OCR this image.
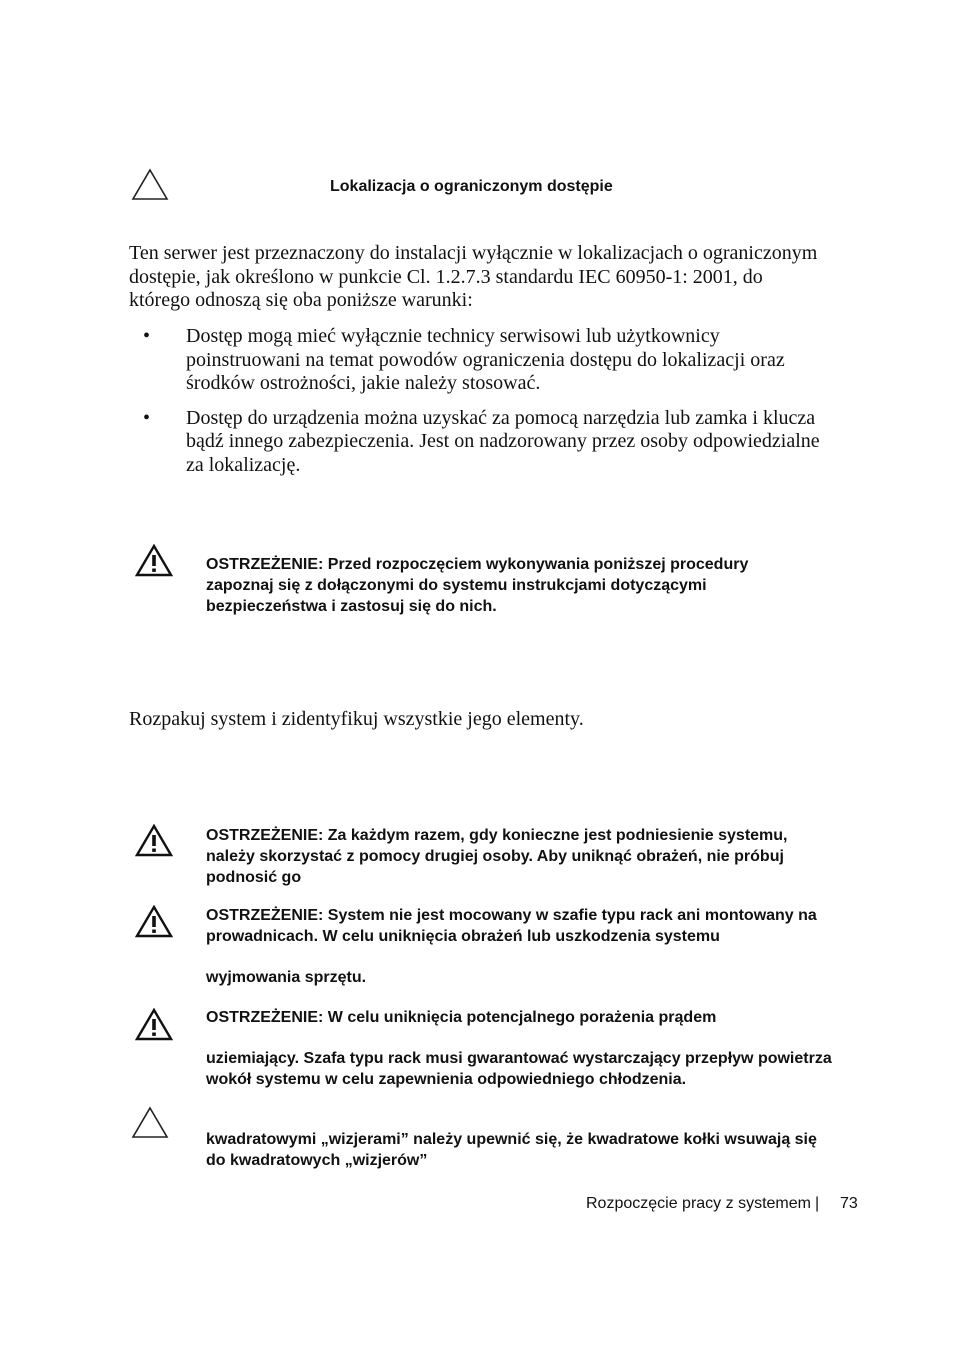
Lokalizacja o ograniczonym dostępie
Ten serwer jest przeznaczony do instalacji wyłącznie w lokalizacjach o ograniczonym dostępie, jak określono w punkcie Cl. 1.2.7.3 standardu IEC 60950-1: 2001, do którego odnoszą się oba poniższe warunki:
• Dostęp mogą mieć wyłącznie technicy serwisowi lub użytkownicy poinstruowani na temat powodów ograniczenia dostępu do lokalizacji oraz środków ostrożności, jakie należy stosować.
• Dostęp do urządzenia można uzyskać za pomocą narzędzia lub zamka i klucza bądź innego zabezpieczenia. Jest on nadzorowany przez osoby odpowiedzialne za lokalizację.
OSTRZEŻENIE: Przed rozpoczęciem wykonywania poniższej procedury zapoznaj się z dołączonymi do systemu instrukcjami dotyczącymi bezpieczeństwa i zastosuj się do nich.
Rozpakuj system i zidentyfikuj wszystkie jego elementy.
OSTRZEŻENIE: Za każdym razem, gdy konieczne jest podniesienie systemu, należy skorzystać z pomocy drugiej osoby. Aby uniknąć obrażeń, nie próbuj podnosić go
OSTRZEŻENIE: System nie jest mocowany w szafie typu rack ani montowany na prowadnicach. W celu uniknięcia obrażeń lub uszkodzenia systemu
wyjmowania sprzętu.
OSTRZEŻENIE: W celu uniknięcia potencjalnego porażenia prądem
uziemiający. Szafa typu rack musi gwarantować wystarczający przepływ powietrza wokół systemu w celu zapewnienia odpowiedniego chłodzenia.
kwadratowymi „wizjerami” należy upewnić się, że kwadratowe kołki wsuwają się do kwadratowych „wizjerów”
Rozpoczęcie pracy z systemem | 73
